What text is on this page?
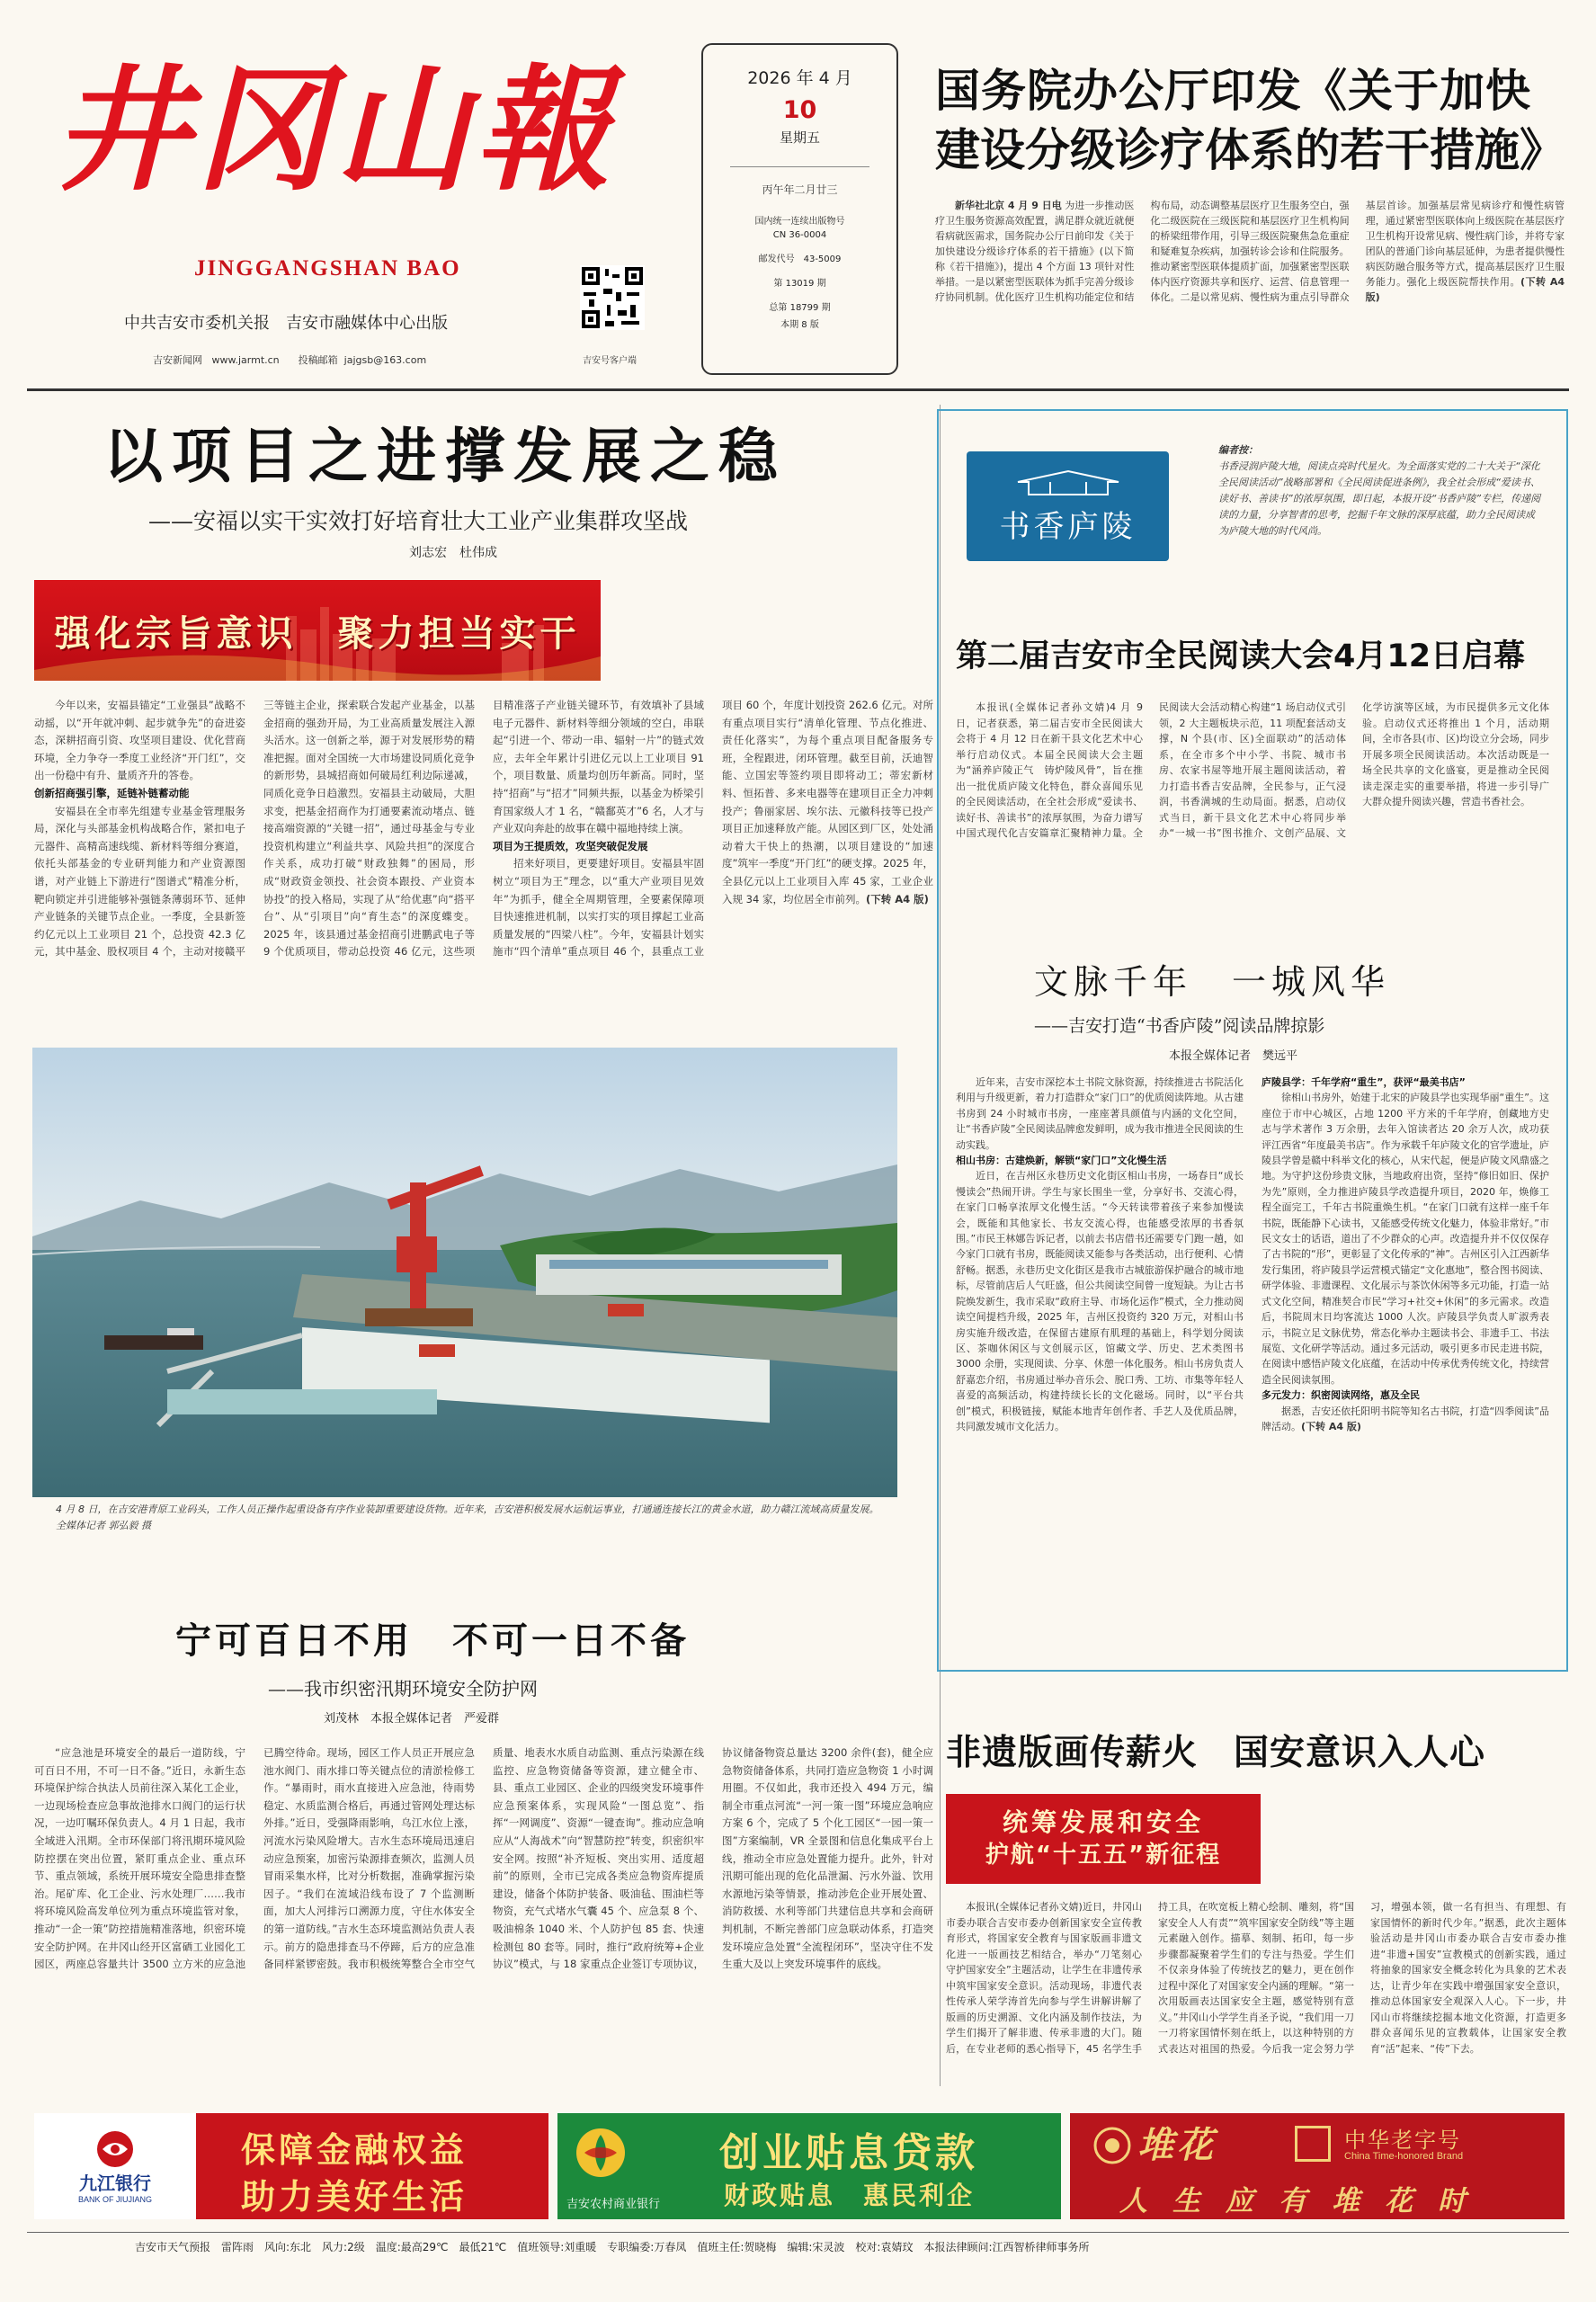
井冈山報
JINGGANGSHAN BAO
中共吉安市委机关报　吉安市融媒体中心出版
吉安新闻网 www.jarmt.cn 投稿邮箱 jajgsb@163.com	吉安号客户端
2026 年 4 月
10
星期五
丙午年二月廿三
国内统一连续出版物号
CN 36-0004
邮发代号　43-5009
第 13019 期
总第 18799 期
本期 8 版
国务院办公厅印发《关于加快
建设分级诊疗体系的若干措施》

新华社北京 4 月 9 日电 为进一步推动医疗卫生服务资源高效配置，满足群众就近就便看病就医需求，国务院办公厅日前印发《关于加快建设分级诊疗体系的若干措施》(以下简称《若干措施》)，提出 4 个方面 13 项针对性举措。一是以紧密型医联体为抓手完善分级诊疗协同机制。优化医疗卫生机构功能定位和结构布局，动态调整基层医疗卫生服务空白，强化二级医院在三级医院和基层医疗卫生机构间的桥梁纽带作用，引导三级医院聚焦急危重症和疑难复杂疾病，加强转诊会诊和住院服务。推动紧密型医联体提质扩面，加强紧密型医联体内医疗资源共享和医疗、运营、信息管理一体化。二是以常见病、慢性病为重点引导群众基层首诊。加强基层常见病诊疗和慢性病管理，通过紧密型医联体向上级医院在基层医疗卫生机构开设常见病、慢性病门诊，并将专家团队的普通门诊向基层延伸，为患者提供慢性病医防融合服务等方式，提高基层医疗卫生服务能力。强化上级医院帮扶作用。(下转 A4 版)

以项目之进撑发展之稳
——安福以实干实效打好培育壮大工业产业集群攻坚战
刘志宏　杜伟成
强化宗旨意识　聚力担当实干

今年以来，安福县锚定“工业强县”战略不动摇，以“开年就冲刺、起步就争先”的奋进姿态，深耕招商引资、攻坚项目建设、优化营商环境，全力争夺一季度工业经济“开门红”，交出一份稳中有升、量质齐升的答卷。

创新招商强引擎，延链补链蓄动能

安福县在全市率先组建专业基金管理服务局，深化与头部基金机构战略合作，紧扣电子元器件、高精高速线缆、新材料等细分赛道，依托头部基金的专业研判能力和产业资源图谱，对产业链上下游进行“图谱式”精准分析，靶向锁定并引进能够补强链条薄弱环节、延伸产业链条的关键节点企业。一季度，全县新签约亿元以上工业项目 21 个，总投资 42.3 亿元，其中基金、股权项目 4 个，主动对接赣平三等链主企业，探索联合发起产业基金，以基金招商的强劲开局，为工业高质量发展注入源头活水。这一创新之举，源于对发展形势的精准把握。面对全国统一大市场建设同质化竞争的新形势，县城招商如何破局红利边际递减，同质化竞争日趋激烈。安福县主动破局，大胆求变，把基金招商作为打通要素流动堵点、链接高端资源的“关键一招”，通过母基金与专业投资机构建立“利益共享、风险共担”的深度合作关系，成功打破“财政独舞”的困局，形成“财政资金领投、社会资本跟投、产业资本协投”的投入格局，实现了从“给优惠”向“搭平台”、从“引项目”向“育生态”的深度蝶变。2025 年，该县通过基金招商引进鹏武电子等 9 个优质项目，带动总投资 46 亿元，这些项目精准落子产业链关键环节，有效填补了县域电子元器件、新材料等细分领域的空白，串联起“引进一个、带动一串、辐射一片”的链式效应，去年全年累计引进亿元以上工业项目 91 个，项目数量、质量均创历年新高。同时，坚持“招商”与“招才”同频共振，以基金为桥梁引育国家级人才 1 名，“赣鄱英才”6 名，人才与产业双向奔赴的故事在赣中福地持续上演。

项目为王提质效，攻坚突破促发展

招来好项目，更要建好项目。安福县牢固树立“项目为王”理念，以“重大产业项目见效年”为抓手，健全全周期管理，全要素保障项目快速推进机制，以实打实的项目撑起工业高质量发展的“四梁八柱”。今年，安福县计划实施市“四个清单”重点项目 46 个，县重点工业项目 60 个，年度计划投资 262.6 亿元。对所有重点项目实行“清单化管理、节点化推进、责任化落实”，为每个重点项目配备服务专班，全程跟进，闭环管理。截至目前，沃迪智能、立国宏等签约项目即将动工；蒂宏新材料、恒拓普、多来电器等在建项目正全力冲刺投产；鲁丽家居、埃尔法、元徽科技等已投产项目正加速释放产能。从园区到厂区，处处涌动着大干快上的热潮，以项目建设的“加速度”筑牢一季度“开门红”的硬支撑。2025 年，全县亿元以上工业项目入库 45 家，工业企业入规 34 家，均位居全市前列。(下转 A4 版)

4 月 8 日，在吉安港青原工业码头，工作人员正操作起重设备有序作业装卸重要建设货物。近年来，吉安港积极发展水运航运事业，打通通连接长江的黄金水道，助力赣江流域高质量发展。   全媒体记者 郭弘毅 摄
宁可百日不用　不可一日不备
——我市织密汛期环境安全防护网
刘茂林　本报全媒体记者　严爱群

“应急池是环境安全的最后一道防线，宁可百日不用，不可一日不备。”近日，永新生态环境保护综合执法人员前往深入某化工企业，一边现场检查应急事故池排水口阀门的运行状况，一边叮嘱环保负责人。4 月 1 日起，我市全域进入汛期。全市环保部门将汛期环境风险防控摆在突出位置，紧盯重点企业、重点环节、重点领域，系统开展环境安全隐患排查整治。尾矿库、化工企业、污水处理厂……我市将环境风险高发单位列为重点环境监管对象，推动“一企一策”防控措施精准落地，织密环境安全防护网。在井冈山经开区富硒工业园化工园区，两座总容量共计 3500 立方米的应急池已腾空待命。现场，园区工作人员正开展应急池水阀门、雨水排口等关键点位的清淤检修工作。“暴雨时，雨水直接进入应急池，待雨势稳定、水质监测合格后，再通过管网处理达标外排。”近日，受强降雨影响，乌江水位上涨，河流水污染风险增大。吉水生态环境局迅速启动应急预案，加密污染源排查频次，监测人员冒雨采集水样，比对分析数据，准确掌握污染因子。“我们在流域沿线布设了 7 个监测断面，加大人河排污口溯源力度，守住水体安全的第一道防线。”吉水生态环境监测站负责人表示。前方的隐患排查马不停蹄，后方的应急准备同样紧锣密鼓。我市积极统筹整合全市空气质量、地表水水质自动监测、重点污染源在线监控、应急物资储备等资源，建立健全市、县、重点工业园区、企业的四级突发环境事件应急预案体系，实现风险“一图总览”、指挥“一网调度”、资源“一键查询”。推动应急响应从“人海战术”向“智慧防控”转变，织密织牢安全网。按照“补齐短板、突出实用、适度超前”的原则，全市已完成各类应急物资库提质建设，储备个体防护装备、吸油毡、围油栏等物资，充气式堵水气囊 45 个、应急泵 8 个、吸油棉条 1040 米、个人防护包 85 套、快速检测包 80 套等。同时，推行“政府统筹+企业协议”模式，与 18 家重点企业签订专项协议，协议储备物资总量达 3200 余件(套)，健全应急物资储备体系，共同打造应急物资 1 小时调用圈。不仅如此，我市还投入 494 万元，编制全市重点河流“一河一策一图”环境应急响应方案 6 个，完成了 5 个化工园区“一园一策一图”方案编制，VR 全景图和信息化集成平台上线，推动全市应急处置能力提升。此外，针对汛期可能出现的危化品泄漏、污水外溢、饮用水源地污染等情景，推动涉危企业开展处置、消防救援、水利等部门共建信息共享和会商研判机制，不断完善部门应急联动体系，打造突发环境应急处置“全流程闭环”，坚决守住不发生重大及以上突发环境事件的底线。

书香庐陵
编者按：
书香浸润庐陵大地，阅读点亮时代星火。为全面落实党的二十大关于“深化全民阅读活动”战略部署和《全民阅读促进条例》，我全社会形成“爱读书、读好书、善读书”的浓厚氛围，即日起，本报开设“书香庐陵”专栏，传递阅读的力量，分享智者的思考，挖掘千年文脉的深厚底蕴，助力全民阅读成为庐陵大地的时代风尚。
第二届吉安市全民阅读大会4月12日启幕

本报讯(全媒体记者孙文婧)4 月 9 日，记者获悉，第二届吉安市全民阅读大会将于 4 月 12 日在新干县文化艺术中心举行启动仪式。本届全民阅读大会主题为“涵养庐陵正气　铸炉陵风骨”，旨在推出一批优质庐陵文化特色，群众喜闻乐见的全民阅读活动，在全社会形成“爱读书、读好书、善读书”的浓厚氛围，为奋力谱写中国式现代化吉安篇章汇聚精神力量。全民阅读大会活动精心构建“1 场启动仪式引领，2 大主题板块示范，11 项配套活动支撑，N 个县(市、区)全面联动”的活动体系，在全市多个中小学、书院、城市书房、农家书屋等地开展主题阅读活动，着力打造书香吉安品牌，全民参与，正气浸润，书香满城的生动局面。据悉，启动仪式当日，新干县文化艺术中心将同步举办“一城一书”图书推介、文创产品展、文化学访演等区域，为市民提供多元文化体验。启动仪式还将推出 1 个月，活动期间，全市各县(市、区)均设立分会场，同步开展多项全民阅读活动。本次活动既是一场全民共享的文化盛宴，更是推动全民阅读走深走实的重要举措，将进一步引导广大群众提升阅读兴趣，营造书香社会。

文脉千年　一城风华
——吉安打造“书香庐陵”阅读品牌掠影
本报全媒体记者　樊远平

近年来，吉安市深挖本土书院文脉资源，持续推进古书院活化利用与升级更新，着力打造群众“家门口”的优质阅读阵地。从古建书房到 24 小时城市书房，一座座著具颜值与内涵的文化空间，让“书香庐陵”全民阅读品牌愈发鲜明，成为我市推进全民阅读的生动实践。

相山书房：古建焕新，解锁“家门口”文化慢生活

近日，在吉州区永巷历史文化街区相山书房，一场春日“成长慢读会”热闹开讲。学生与家长围坐一堂，分享好书、交流心得，在家门口畅享浓厚文化慢生活。“今天转读带着孩子来参加慢读会，既能和其他家长、书友交流心得，也能感受浓厚的书香氛围。”市民王林娜告诉记者，以前去书店借书还需要专门跑一趟，如今家门口就有书房，既能阅读又能参与各类活动，出行便利、心情舒畅。据悉，永巷历史文化街区是我市古城旅游保护融合的城市地标，尽管前店后人气旺盛，但公共阅读空间曾一度短缺。为让古书院焕发新生，我市采取“政府主导、市场化运作”模式，全力推动阅读空间提档升级，2025 年，吉州区投资约 320 万元，对相山书房实施升级改造，在保留古建原有肌理的基础上，科学划分阅读区、茶咖休闲区与文创展示区，馆藏文学、历史、艺术类图书 3000 余册，实现阅读、分享、休憩一体化服务。相山书房负责人舒嘉恋介绍，书房通过举办音乐会、脱口秀、工坊、市集等年轻人喜爱的高频活动，构建持续长长的文化磁场。同时，以“平台共创”模式，积极链接，赋能本地青年创作者、手艺人及优质品牌，共同激发城市文化活力。

庐陵县学：千年学府“重生”，获评“最美书店”

徐相山书房外，始建于北宋的庐陵县学也实现华丽“重生”。这座位于市中心城区，占地 1200 平方米的千年学府，创藏地方史志与学术著作 3 万余册，去年入馆读者达 20 余万人次，成功获评江西省“年度最美书店”。作为承载千年庐陵文化的官学遗址，庐陵县学曾是赣中科举文化的核心，从宋代起，便是庐陵文风鼎盛之地。为守护这份珍贵文脉，当地政府出资，坚持“修旧如旧、保护为先”原则，全力推进庐陵县学改造提升项目，2020 年，焕修工程全面完工，千年古书院重焕生机。“在家门口就有这样一座千年书院，既能静下心读书，又能感受传统文化魅力，体验非常好。”市民文女士的话语，道出了不少群众的心声。改造提升并不仅仅保存了古书院的“形”，更彰显了文化传承的“神”。吉州区引入江西新华发行集团，将庐陵县学运营模式锚定“文化惠地”，整合图书阅读、研学体验、非遗课程、文化展示与茶饮休闲等多元功能，打造一站式文化空间，精准契合市民“学习+社交+休闲”的多元需求。改造后，书院周末日均客流达 1000 人次。庐陵县学负责人旷淑秀表示，书院立足文脉优势，常态化举办主题读书会、非遗手工、书法展览、文化研学等活动。通过多元活动，吸引更多市民走进书院，在阅读中感悟庐陵文化底蕴，在活动中传承优秀传统文化，持续营造全民阅读氛围。

多元发力：织密阅读网络，惠及全民

据悉，吉安还依托阳明书院等知名古书院，打造“四季阅读”品牌活动。(下转 A4 版)

非遗版画传薪火　国安意识入人心
统筹发展和安全
护航“十五五”新征程

本报讯(全媒体记者孙文婧)近日，井冈山市委办联合吉安市委办创新国家安全宣传教育形式，将国家安全教育与国家版画非遗文化进一一版画技艺相结合，举办“刀笔刻心　守护国家安全”主题活动，让学生在非遗传承中筑牢国家安全意识。活动现场，非遗代表性传承人荣学涛首先向参与学生讲解讲解了版画的历史溯源、文化内涵及制作技法，为学生们揭开了解非遗、传承非遗的大门。随后，在专业老师的悉心指导下，45 名学生手持工具，在吹宽板上精心绘制、雕刻，将“国家安全人人有责”“筑牢国家安全防线”等主题元素融入创作。描摹、刻制、拓印，每一步步骤都凝聚着学生们的专注与热爱。学生们不仅亲身体验了传统技艺的魅力，更在创作过程中深化了对国家安全内涵的理解。“第一次用版画表达国家安全主题，感觉特别有意义。”井冈山小学学生肖圣予说，“我们用一刀一刀将家国情怀刻在纸上，以这种特别的方式表达对祖国的热爱。今后我一定会努力学习，增强本领，做一名有担当、有理想、有家国情怀的新时代少年。”据悉，此次主题体验活动是井冈山市委办联合吉安市委办推进“非遗+国安”宣教模式的创新实践，通过将抽象的国家安全概念转化为具象的艺术表达，让青少年在实践中增强国家安全意识，推动总体国家安全观深入人心。下一步，井冈山市将继续挖掘本地文化资源，打造更多群众喜闻乐见的宣教载体，让国家安全教育“活”起来、“传”下去。

九江银行
BANK OF JIUJIANG
保障金融权益
助力美好生活	吉安农村商业银行
创业贴息贷款
财政贴息　惠民利企
堆花	中华老字号
China Time-honored Brand
人生应有堆花时
吉安市天气预报　雷阵雨　风向:东北　风力:2级　温度:最高29℃　最低21℃　值班领导:刘重暖　专职编委:万春凤　值班主任:贺晓梅　编辑:宋灵波　校对:袁婧玟　本报法律顾问:江西智桥律师事务所
